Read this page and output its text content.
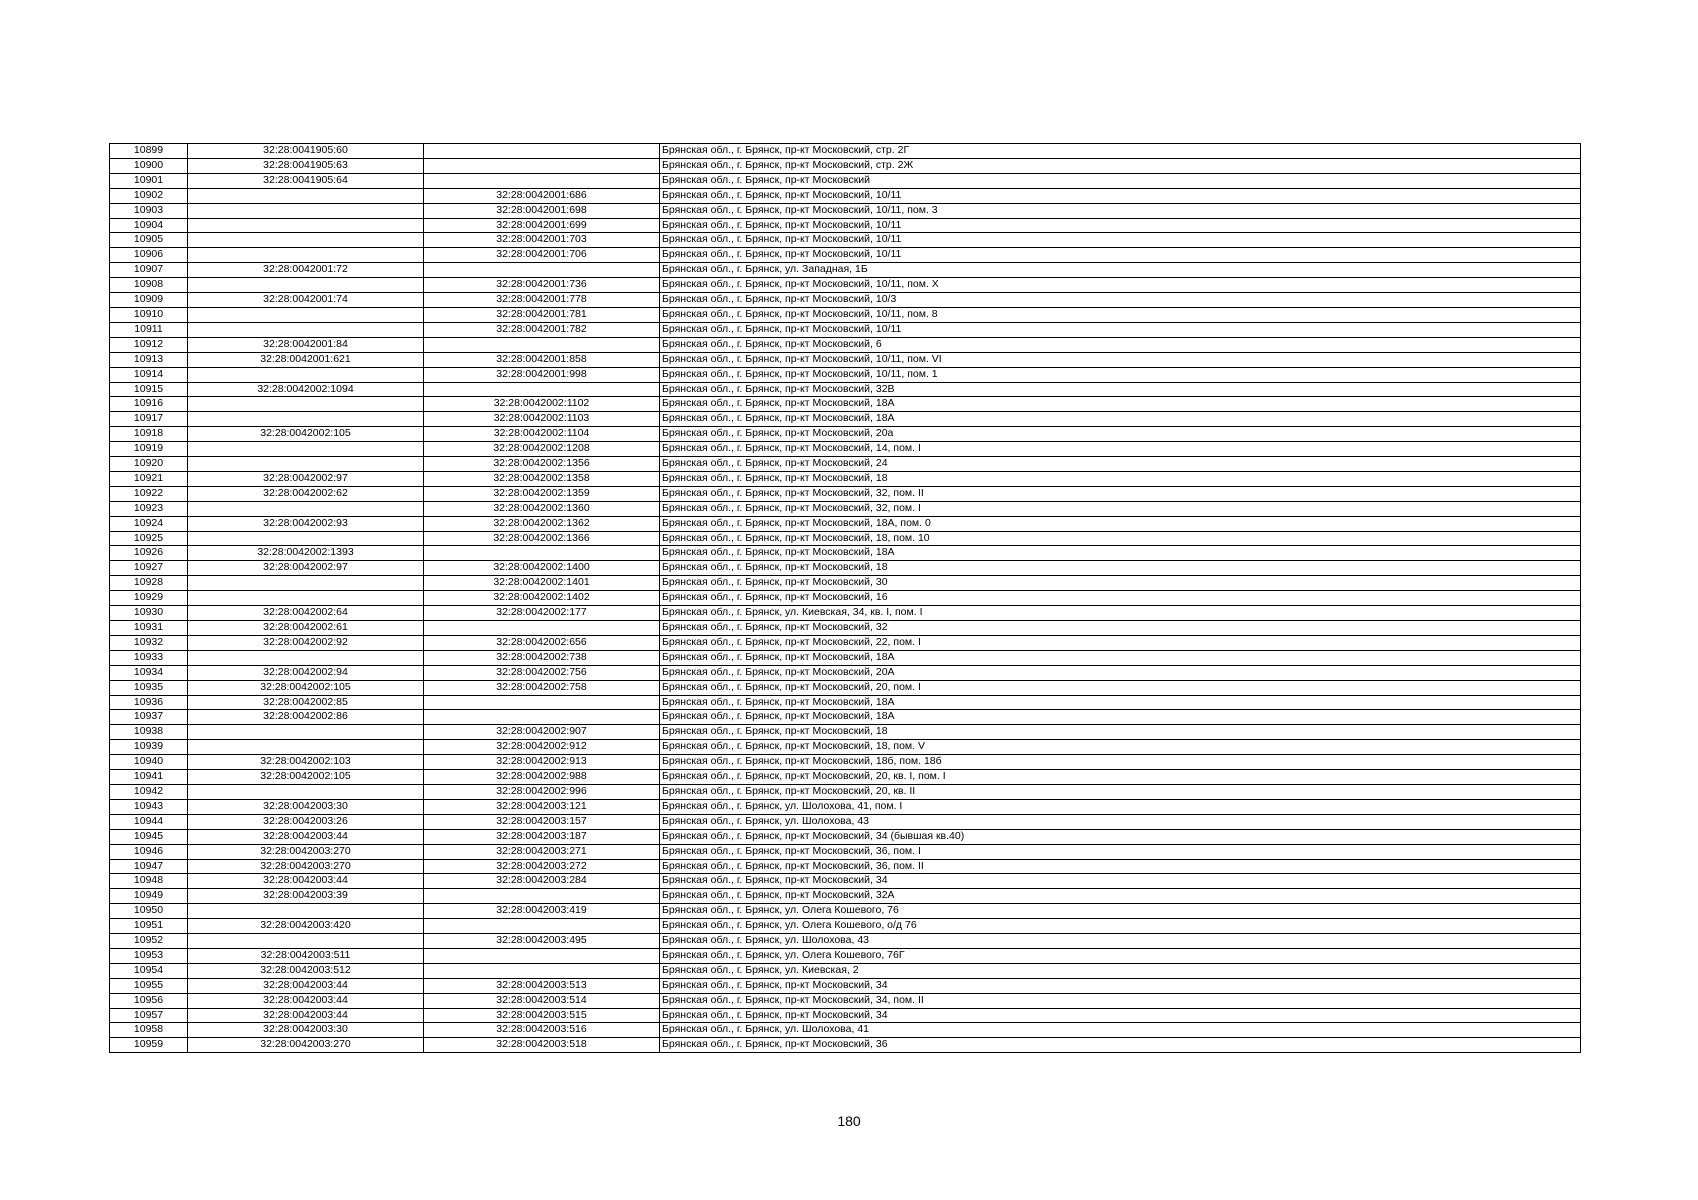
10899	32:28:0041905:60		Брянская обл., г. Брянск, пр-кт Московский, стр. 2Г
10900	32:28:0041905:63		Брянская обл., г. Брянск, пр-кт Московский, стр. 2Ж
10901	32:28:0041905:64		Брянская обл., г. Брянск, пр-кт Московский
10902		32:28:0042001:686	Брянская обл., г. Брянск, пр-кт Московский, 10/11
10903		32:28:0042001:698	Брянская обл., г. Брянск, пр-кт Московский, 10/11, пом. 3
10904		32:28:0042001:699	Брянская обл., г. Брянск, пр-кт Московский, 10/11
10905		32:28:0042001:703	Брянская обл., г. Брянск, пр-кт Московский, 10/11
10906		32:28:0042001:706	Брянская обл., г. Брянск, пр-кт Московский, 10/11
10907	32:28:0042001:72		Брянская обл., г. Брянск, ул. Западная, 1Б
10908		32:28:0042001:736	Брянская обл., г. Брянск, пр-кт Московский, 10/11, пом. X
10909	32:28:0042001:74	32:28:0042001:778	Брянская обл., г. Брянск, пр-кт Московский, 10/3
10910		32:28:0042001:781	Брянская обл., г. Брянск, пр-кт Московский, 10/11, пом. 8
10911		32:28:0042001:782	Брянская обл., г. Брянск, пр-кт Московский, 10/11
10912	32:28:0042001:84		Брянская обл., г. Брянск, пр-кт Московский, 6
10913	32:28:0042001:621	32:28:0042001:858	Брянская обл., г. Брянск, пр-кт Московский, 10/11, пом. VI
10914		32:28:0042001:998	Брянская обл., г. Брянск, пр-кт Московский, 10/11, пом. 1
10915	32:28:0042002:1094		Брянская обл., г. Брянск, пр-кт Московский, 32В
10916		32:28:0042002:1102	Брянская обл., г. Брянск, пр-кт Московский, 18А
10917		32:28:0042002:1103	Брянская обл., г. Брянск, пр-кт Московский, 18А
10918	32:28:0042002:105	32:28:0042002:1104	Брянская обл., г. Брянск, пр-кт Московский, 20а
10919		32:28:0042002:1208	Брянская обл., г. Брянск, пр-кт Московский, 14, пом. I
10920		32:28:0042002:1356	Брянская обл., г. Брянск, пр-кт Московский, 24
10921	32:28:0042002:97	32:28:0042002:1358	Брянская обл., г. Брянск, пр-кт Московский, 18
10922	32:28:0042002:62	32:28:0042002:1359	Брянская обл., г. Брянск, пр-кт Московский, 32, пом. II
10923		32:28:0042002:1360	Брянская обл., г. Брянск, пр-кт Московский, 32, пом. I
10924	32:28:0042002:93	32:28:0042002:1362	Брянская обл., г. Брянск, пр-кт Московский, 18А, пом. 0
10925		32:28:0042002:1366	Брянская обл., г. Брянск, пр-кт Московский, 18, пом. 10
10926	32:28:0042002:1393		Брянская обл., г. Брянск, пр-кт Московский, 18А
10927	32:28:0042002:97	32:28:0042002:1400	Брянская обл., г. Брянск, пр-кт Московский, 18
10928		32:28:0042002:1401	Брянская обл., г. Брянск, пр-кт Московский, 30
10929		32:28:0042002:1402	Брянская обл., г. Брянск, пр-кт Московский, 16
10930	32:28:0042002:64	32:28:0042002:177	Брянская обл., г. Брянск, ул. Киевская, 34, кв. I, пом. I
10931	32:28:0042002:61		Брянская обл., г. Брянск, пр-кт Московский, 32
10932	32:28:0042002:92	32:28:0042002:656	Брянская обл., г. Брянск, пр-кт Московский, 22, пом. I
10933		32:28:0042002:738	Брянская обл., г. Брянск, пр-кт Московский, 18А
10934	32:28:0042002:94	32:28:0042002:756	Брянская обл., г. Брянск, пр-кт Московский, 20А
10935	32:28:0042002:105	32:28:0042002:758	Брянская обл., г. Брянск, пр-кт Московский, 20, пом. I
10936	32:28:0042002:85		Брянская обл., г. Брянск, пр-кт Московский, 18А
10937	32:28:0042002:86		Брянская обл., г. Брянск, пр-кт Московский, 18А
10938		32:28:0042002:907	Брянская обл., г. Брянск, пр-кт Московский, 18
10939		32:28:0042002:912	Брянская обл., г. Брянск, пр-кт Московский, 18, пом. V
10940	32:28:0042002:103	32:28:0042002:913	Брянская обл., г. Брянск, пр-кт Московский, 18б, пом. 18б
10941	32:28:0042002:105	32:28:0042002:988	Брянская обл., г. Брянск, пр-кт Московский, 20, кв. I, пом. I
10942		32:28:0042002:996	Брянская обл., г. Брянск, пр-кт Московский, 20, кв. II
10943	32:28:0042003:30	32:28:0042003:121	Брянская обл., г. Брянск, ул. Шолохова, 41, пом. I
10944	32:28:0042003:26	32:28:0042003:157	Брянская обл., г. Брянск, ул. Шолохова, 43
10945	32:28:0042003:44	32:28:0042003:187	Брянская обл., г. Брянск, пр-кт Московский, 34 (бывшая кв.40)
10946	32:28:0042003:270	32:28:0042003:271	Брянская обл., г. Брянск, пр-кт Московский, 36, пом. I
10947	32:28:0042003:270	32:28:0042003:272	Брянская обл., г. Брянск, пр-кт Московский, 36, пом. II
10948	32:28:0042003:44	32:28:0042003:284	Брянская обл., г. Брянск, пр-кт Московский, 34
10949	32:28:0042003:39		Брянская обл., г. Брянск, пр-кт Московский, 32А
10950		32:28:0042003:419	Брянская обл., г. Брянск, ул. Олега Кошевого, 76
10951	32:28:0042003:420		Брянская обл., г. Брянск, ул. Олега Кошевого, о/д 76
10952		32:28:0042003:495	Брянская обл., г. Брянск, ул. Шолохова, 43
10953	32:28:0042003:511		Брянская обл., г. Брянск, ул. Олега Кошевого, 76Г
10954	32:28:0042003:512		Брянская обл., г. Брянск, ул. Киевская, 2
10955	32:28:0042003:44	32:28:0042003:513	Брянская обл., г. Брянск, пр-кт Московский, 34
10956	32:28:0042003:44	32:28:0042003:514	Брянская обл., г. Брянск, пр-кт Московский, 34, пом. II
10957	32:28:0042003:44	32:28:0042003:515	Брянская обл., г. Брянск, пр-кт Московский, 34
10958	32:28:0042003:30	32:28:0042003:516	Брянская обл., г. Брянск, ул. Шолохова, 41
10959	32:28:0042003:270	32:28:0042003:518	Брянская обл., г. Брянск, пр-кт Московский, 36
180
